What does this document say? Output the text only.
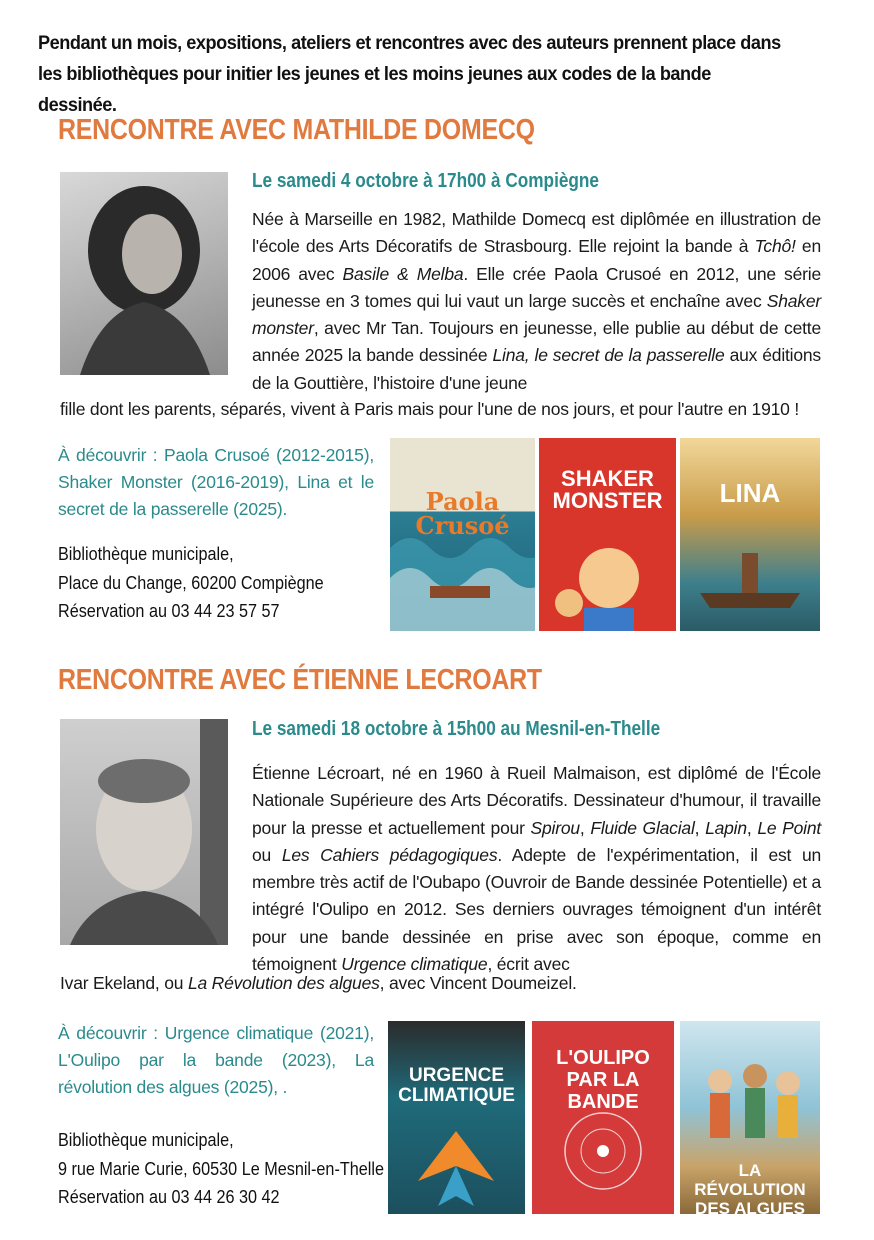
Pendant un mois, expositions, ateliers et rencontres avec des auteurs prennent place dans
les bibliothèques pour initier les jeunes et les moins jeunes aux codes de la bande dessinée.
RENCONTRE AVEC MATHILDE DOMECQ
Le samedi 4 octobre à 17h00 à Compiègne
Née à Marseille en 1982, Mathilde Domecq est diplômée en illustration de l'école des Arts Décoratifs de Strasbourg. Elle rejoint la bande à Tchô! en 2006 avec Basile & Melba. Elle crée Paola Crusoé en 2012, une série jeunesse en 3 tomes qui lui vaut un large succès et enchaîne avec Shaker monster, avec Mr Tan. Toujours en jeunesse, elle publie au début de cette année 2025 la bande dessinée Lina, le secret de la passerelle aux éditions de la Gouttière, l'histoire d'une jeune
fille dont les parents, séparés, vivent à Paris mais pour l'une de nos jours, et pour l'autre en 1910 !
À découvrir : Paola Crusoé (2012-2015), Shaker Monster (2016-2019), Lina et le secret de la passerelle (2025).
Bibliothèque municipale,
Place du Change, 60200 Compiègne
Réservation au 03 44 23 57 57
Paola Crusoé
SHAKER MONSTER	LINA
RENCONTRE AVEC ÉTIENNE LECROART
Le samedi 18 octobre à 15h00 au Mesnil-en-Thelle
Étienne Lécroart, né en 1960 à Rueil Malmaison, est diplômé de l'École Nationale Supérieure des Arts Décoratifs. Dessinateur d'humour, il travaille pour la presse et actuellement pour Spirou, Fluide Glacial, Lapin, Le Point ou Les Cahiers pédagogiques. Adepte de l'expérimentation, il est un membre très actif de l'Oubapo (Ouvroir de Bande dessinée Potentielle) et a intégré l'Oulipo en 2012. Ses derniers ouvrages témoignent d'un intérêt pour une bande dessinée en prise avec son époque, comme en témoignent Urgence climatique, écrit avec
Ivar Ekeland, ou La Révolution des algues, avec Vincent Doumeizel.
À découvrir : Urgence climatique (2021), L'Oulipo par la bande (2023), La révolution des algues (2025), .
Bibliothèque municipale,
9 rue Marie Curie, 60530 Le Mesnil-en-Thelle
Réservation au 03 44 26 30 42
URGENCE CLIMATIQUE
L'OULIPO PAR LA BANDE
LA RÉVOLUTION DES ALGUES
